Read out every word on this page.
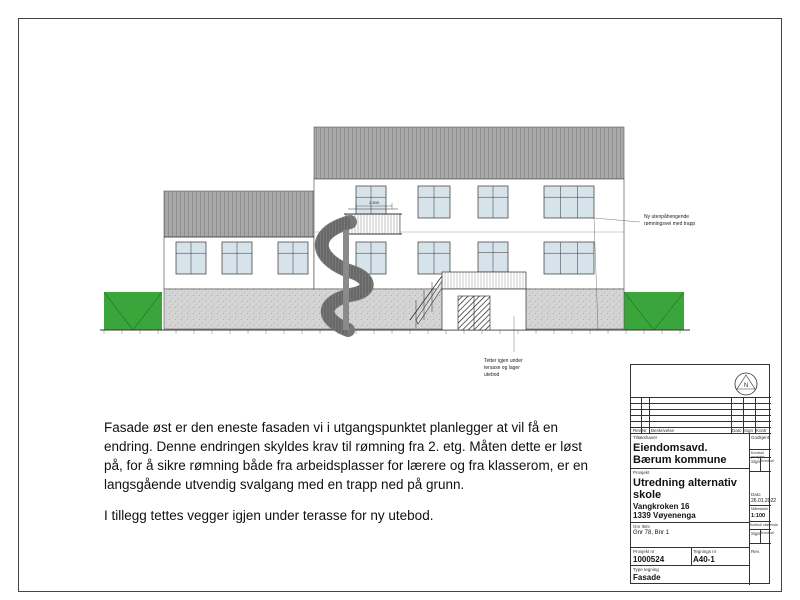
2.500
Ny utenpåhengende rømningsvei med trapp
Tetter igjen under terasse og lager utebod

Fasade øst er den eneste fasaden vi i utgangspunktet planlegger at vil få en endring. Denne endringen skyldes krav til rømning fra 2. etg. Måten dette er løst på, for å sikre rømning både fra arbeidsplasser for lærere og fra klasserom, er en langsgående utvendig svalgang med en trapp ned på grunn.

I tillegg tettes vegger igjen under terasse for ny utebod.

N
Rev Nr Beskrivelse	Dato Sign Kontr
Tiltakshaver
Eiendomsavd.
Bærum kommune
Prosjekt
Utredning alternativ
skole
Vangkroken 16
1339 Vøyenenga
Gnr /Bnr
Gnr 78, Bnr 1
Prosjekt nr
1000524
Tegnings nr
A40-1
Type tegning
Fasade
Godkjent
Kontroll prosjekt
Sign. Kontroll
Dato
26.01.2022
Målestokk
1:100
Kontroll utførende
Sign. Kontroll
Rev.
